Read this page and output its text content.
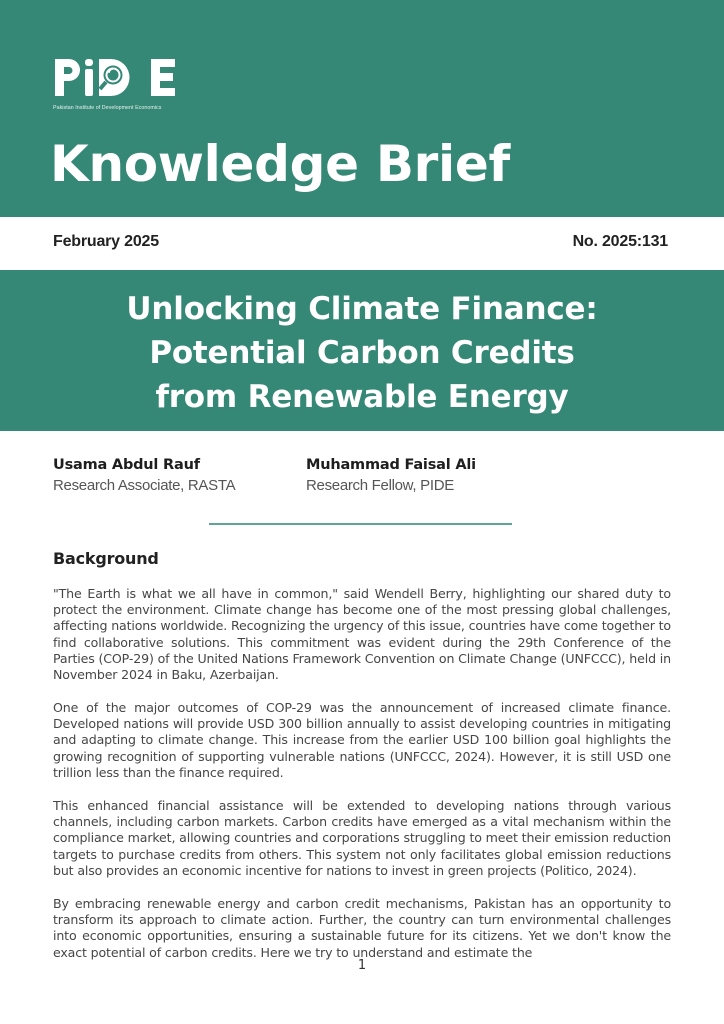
Pakistan Institute of Development Economics
Knowledge Brief
February 2025	No. 2025:131
Unlocking Climate Finance:
Potential Carbon Credits
from Renewable Energy
Usama Abdul Rauf
Research Associate, RASTA
Muhammad Faisal Ali
Research Fellow, PIDE
Background

"The Earth is what we all have in common," said Wendell Berry, highlighting our shared duty to protect the environment. Climate change has become one of the most pressing global challenges, affecting nations worldwide. Recognizing the urgency of this issue, countries have come together to find collaborative solutions. This commitment was evident during the 29th Conference of the Parties (COP-29) of the United Nations Framework Convention on Climate Change (UNFCCC), held in November 2024 in Baku, Azerbaijan.

One of the major outcomes of COP-29 was the announcement of increased climate finance. Developed nations will provide USD 300 billion annually to assist developing countries in mitigating and adapting to climate change. This increase from the earlier USD 100 billion goal highlights the growing recognition of supporting vulnerable nations (UNFCCC, 2024). However, it is still USD one trillion less than the finance required.

This enhanced financial assistance will be extended to developing nations through various channels, including carbon markets. Carbon credits have emerged as a vital mechanism within the compliance market, allowing countries and corporations struggling to meet their emission reduction targets to purchase credits from others. This system not only facilitates global emission reductions but also provides an economic incentive for nations to invest in green projects (Politico, 2024).

By embracing renewable energy and carbon credit mechanisms, Pakistan has an opportunity to transform its approach to climate action. Further, the country can turn environmental challenges into economic opportunities, ensuring a sustainable future for its citizens. Yet we don't know the exact potential of carbon credits. Here we try to understand and estimate the

1
